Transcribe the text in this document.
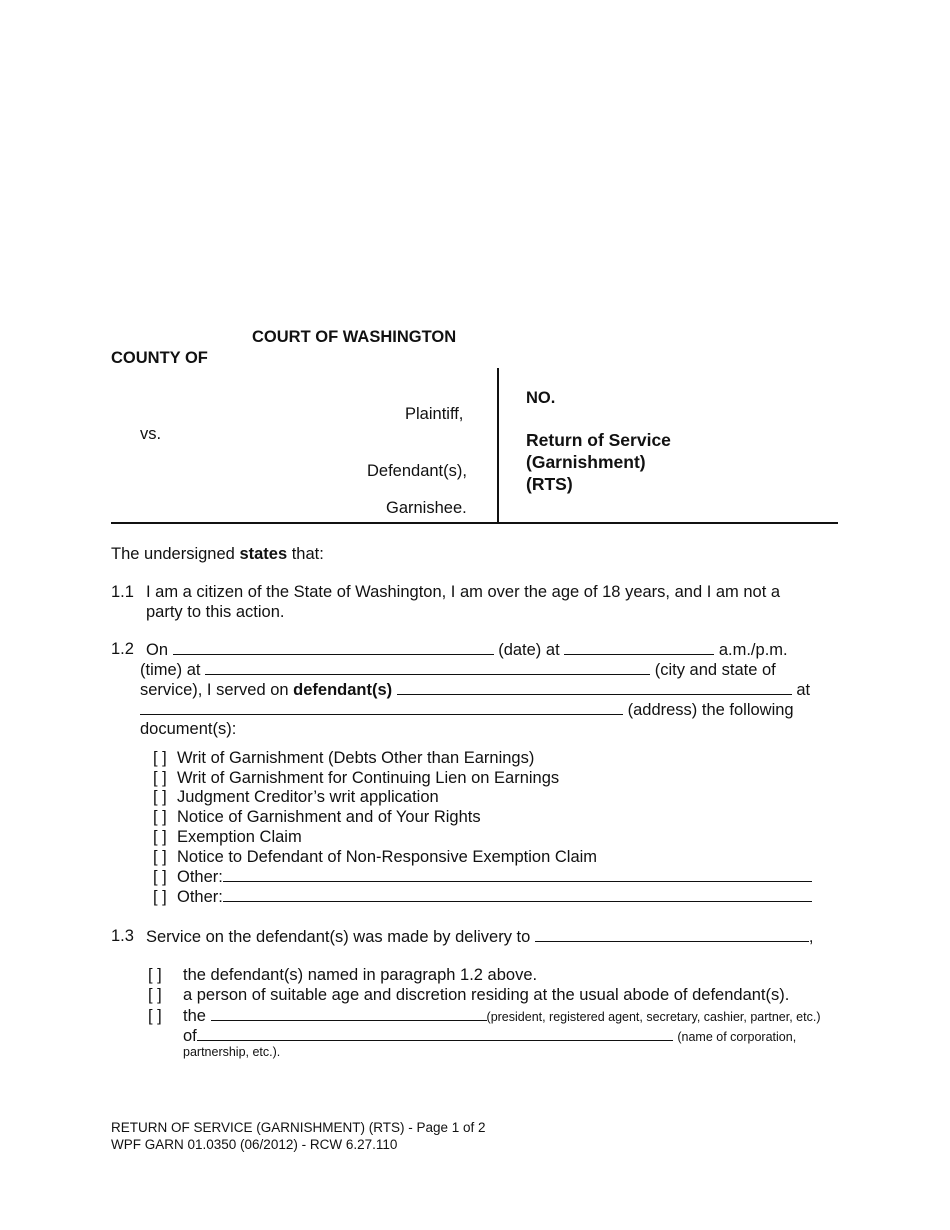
COURT OF WASHINGTON
COUNTY OF
Plaintiff,
vs.
Defendant(s),
Garnishee.
NO.
Return of Service
(Garnishment)
(RTS)
The undersigned states that:
1.1 I am a citizen of the State of Washington, I am over the age of 18 years, and I am not a
party to this action.
1.2 On	(date) at	a.m./p.m.
(time) at	(city and state of
service), I served on defendant(s)	at
(address) the following
document(s):
[ ] Writ of Garnishment (Debts Other than Earnings)
[ ] Writ of Garnishment for Continuing Lien on Earnings
[ ] Judgment Creditor’s writ application
[ ] Notice of Garnishment and of Your Rights
[ ] Exemption Claim
[ ] Notice to Defendant of Non-Responsive Exemption Claim
[ ] Other:
[ ] Other:
1.3 Service on the defendant(s) was made by delivery to	,
[ ] the defendant(s) named in paragraph 1.2 above.
[ ] a person of suitable age and discretion residing at the usual abode of defendant(s).
[ ] the	(president, registered agent, secretary, cashier, partner, etc.)
of	(name of corporation,
partnership, etc.).
RETURN OF SERVICE (GARNISHMENT) (RTS) - Page 1 of 2
WPF GARN 01.0350 (06/2012) - RCW 6.27.110
